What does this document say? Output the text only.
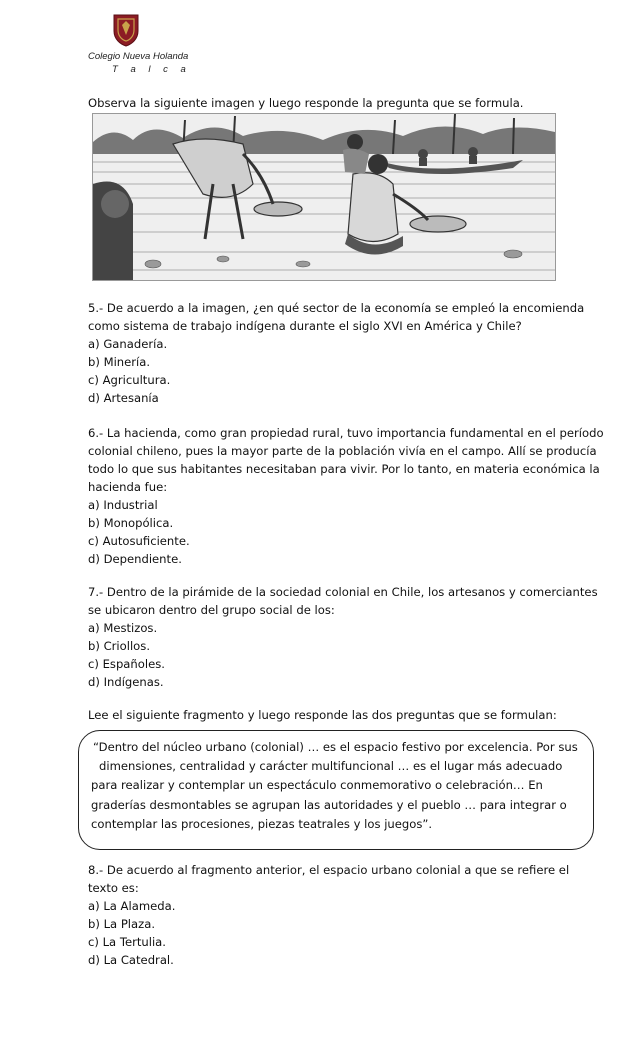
Colegio Nueva Holanda
T a l c a
Observa la siguiente imagen y luego responde la pregunta que se formula.
5.- De acuerdo a la imagen, ¿en qué sector de la economía se empleó la encomienda
como sistema de trabajo indígena durante el siglo XVI en América y Chile?
a) Ganadería.
b) Minería.
c) Agricultura.
d) Artesanía
6.- La hacienda, como gran propiedad rural, tuvo importancia fundamental en el período
colonial chileno, pues la mayor parte de la población vivía en el campo. Allí se producía
todo lo que sus habitantes necesitaban para vivir. Por lo tanto, en materia económica la
hacienda fue:
a) Industrial
b) Monopólica.
c) Autosuficiente.
d) Dependiente.
7.- Dentro de la pirámide de la sociedad colonial en Chile, los artesanos y comerciantes
se ubicaron dentro del grupo social de los:
a) Mestizos.
b) Criollos.
c) Españoles.
d) Indígenas.
Lee el siguiente fragmento y luego responde las dos preguntas que se formulan:
“Dentro del núcleo urbano (colonial) … es el espacio festivo por excelencia. Por sus
dimensiones, centralidad y carácter multifuncional … es el lugar más adecuado
para realizar y contemplar un espectáculo conmemorativo o celebración… En
graderías desmontables se agrupan las autoridades y el pueblo … para integrar o
contemplar las procesiones, piezas teatrales y los juegos”.
8.- De acuerdo al fragmento anterior, el espacio urbano colonial a que se refiere el
texto es:
a) La Alameda.
b) La Plaza.
c) La Tertulia.
d) La Catedral.
